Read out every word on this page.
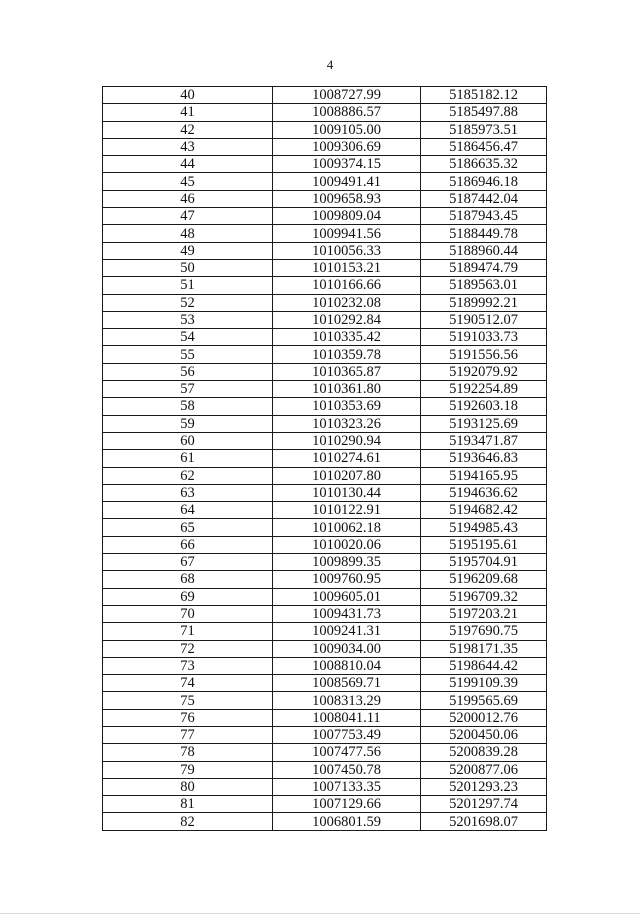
4
40	1008727.99	5185182.12
41	1008886.57	5185497.88
42	1009105.00	5185973.51
43	1009306.69	5186456.47
44	1009374.15	5186635.32
45	1009491.41	5186946.18
46	1009658.93	5187442.04
47	1009809.04	5187943.45
48	1009941.56	5188449.78
49	1010056.33	5188960.44
50	1010153.21	5189474.79
51	1010166.66	5189563.01
52	1010232.08	5189992.21
53	1010292.84	5190512.07
54	1010335.42	5191033.73
55	1010359.78	5191556.56
56	1010365.87	5192079.92
57	1010361.80	5192254.89
58	1010353.69	5192603.18
59	1010323.26	5193125.69
60	1010290.94	5193471.87
61	1010274.61	5193646.83
62	1010207.80	5194165.95
63	1010130.44	5194636.62
64	1010122.91	5194682.42
65	1010062.18	5194985.43
66	1010020.06	5195195.61
67	1009899.35	5195704.91
68	1009760.95	5196209.68
69	1009605.01	5196709.32
70	1009431.73	5197203.21
71	1009241.31	5197690.75
72	1009034.00	5198171.35
73	1008810.04	5198644.42
74	1008569.71	5199109.39
75	1008313.29	5199565.69
76	1008041.11	5200012.76
77	1007753.49	5200450.06
78	1007477.56	5200839.28
79	1007450.78	5200877.06
80	1007133.35	5201293.23
81	1007129.66	5201297.74
82	1006801.59	5201698.07
